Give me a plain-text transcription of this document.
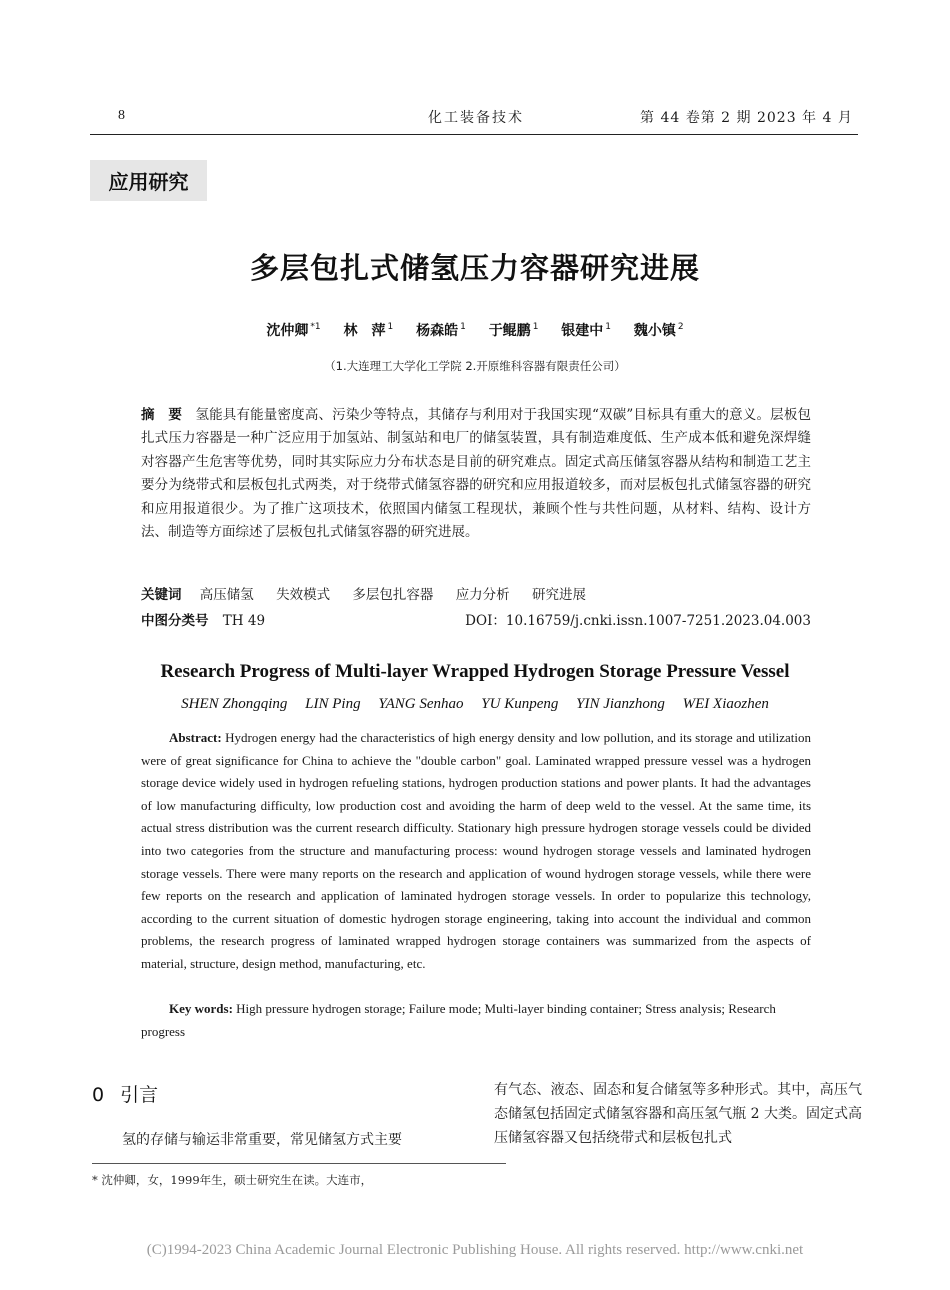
8	化工装备技术	第 44 卷第 2 期 2023 年 4 月
应用研究
多层包扎式储氢压力容器研究进展
沈仲卿 $^{*1}$ 林　萍 $^1$ 杨森皓 $^1$ 于鲲鹏 $^1$ 银建中 $^1$ 魏小镇 $^2$
（1.大连理工大学化工学院 2.开原维科容器有限责任公司）
摘　要 氢能具有能量密度高、污染少等特点，其储存与利用对于我国实现“双碳”目标具有重大的意义。层板包扎式压力容器是一种广泛应用于加氢站、制氢站和电厂的储氢装置，具有制造难度低、生产成本低和避免深焊缝对容器产生危害等优势，同时其实际应力分布状态是目前的研究难点。固定式高压储氢容器从结构和制造工艺主要分为绕带式和层板包扎式两类，对于绕带式储氢容器的研究和应用报道较多，而对层板包扎式储氢容器的研究和应用报道很少。为了推广这项技术，依照国内储氢工程现状，兼顾个性与共性问题，从材料、结构、设计方法、制造等方面综述了层板包扎式储氢容器的研究进展。
关键词 高压储氢 失效模式 多层包扎容器 应力分析 研究进展
中图分类号 TH 49	DOI：10.16759/j.cnki.issn.1007-7251.2023.04.003
Research Progress of Multi-layer Wrapped Hydrogen Storage Pressure Vessel
SHEN Zhongqing LIN Ping YANG Senhao YU Kunpeng YIN Jianzhong WEI Xiaozhen
Abstract: Hydrogen energy had the characteristics of high energy density and low pollution, and its storage and utilization were of great significance for China to achieve the "double carbon" goal. Laminated wrapped pressure vessel was a hydrogen storage device widely used in hydrogen refueling stations, hydrogen production stations and power plants. It had the advantages of low manufacturing difficulty, low production cost and avoiding the harm of deep weld to the vessel. At the same time, its actual stress distribution was the current research difficulty. Stationary high pressure hydrogen storage vessels could be divided into two categories from the structure and manufacturing process: wound hydrogen storage vessels and laminated hydrogen storage vessels. There were many reports on the research and application of wound hydrogen storage vessels, while there were few reports on the research and application of laminated hydrogen storage vessels. In order to popularize this technology, according to the current situation of domestic hydrogen storage engineering, taking into account the individual and common problems, the research progress of laminated wrapped hydrogen storage containers was summarized from the aspects of material, structure, design method, manufacturing, etc.
Key words: High pressure hydrogen storage; Failure mode; Multi-layer binding container; Stress analysis; Research progress
0 引言
氢的存储与输运非常重要，常见储氢方式主要
有气态、液态、固态和复合储氢等多种形式。其中，高压气态储氢包括固定式储氢容器和高压氢气瓶 2 大类。固定式高压储氢容器又包括绕带式和层板包扎式
* 沈仲卿，女，1999年生，硕士研究生在读。大连市，
(C)1994-2023 China Academic Journal Electronic Publishing House. All rights reserved. http://www.cnki.net
